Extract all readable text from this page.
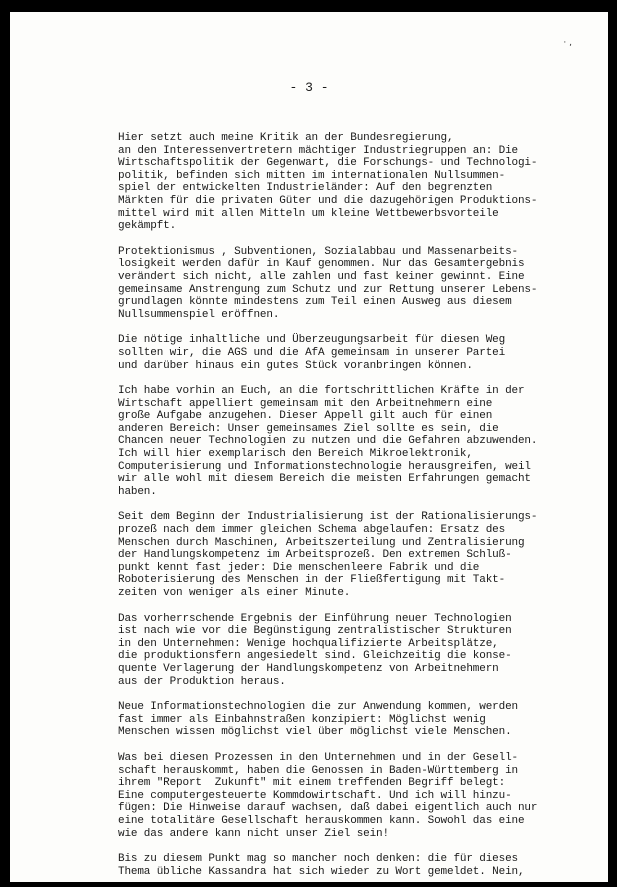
· ,
- 3 -
Hier setzt auch meine Kritik an der Bundesregierung,
an den Interessenvertretern mächtiger Industriegruppen an: Die
Wirtschaftspolitik der Gegenwart, die Forschungs- und Technologi-
politik, befinden sich mitten im internationalen Nullsummen-
spiel der entwickelten Industrieländer: Auf den begrenzten
Märkten für die privaten Güter und die dazugehörigen Produktions-
mittel wird mit allen Mitteln um kleine Wettbewerbsvorteile
gekämpft.
Protektionismus , Subventionen, Sozialabbau und Massenarbeits-
losigkeit werden dafür in Kauf genommen. Nur das Gesamtergebnis
verändert sich nicht, alle zahlen und fast keiner gewinnt. Eine
gemeinsame Anstrengung zum Schutz und zur Rettung unserer Lebens-
grundlagen könnte mindestens zum Teil einen Ausweg aus diesem
Nullsummenspiel eröffnen.
Die nötige inhaltliche und Überzeugungsarbeit für diesen Weg
sollten wir, die AGS und die AfA gemeinsam in unserer Partei
und darüber hinaus ein gutes Stück voranbringen können.
Ich habe vorhin an Euch, an die fortschrittlichen Kräfte in der
Wirtschaft appelliert gemeinsam mit den Arbeitnehmern eine
große Aufgabe anzugehen. Dieser Appell gilt auch für einen
anderen Bereich: Unser gemeinsames Ziel sollte es sein, die
Chancen neuer Technologien zu nutzen und die Gefahren abzuwenden.
Ich will hier exemplarisch den Bereich Mikroelektronik,
Computerisierung und Informationstechnologie herausgreifen, weil
wir alle wohl mit diesem Bereich die meisten Erfahrungen gemacht
haben.
Seit dem Beginn der Industrialisierung ist der Rationalisierungs-
prozeß nach dem immer gleichen Schema abgelaufen: Ersatz des
Menschen durch Maschinen, Arbeitszerteilung und Zentralisierung
der Handlungskompetenz im Arbeitsprozeß. Den extremen Schluß-
punkt kennt fast jeder: Die menschenleere Fabrik und die
Roboterisierung des Menschen in der Fließfertigung mit Takt-
zeiten von weniger als einer Minute.
Das vorherrschende Ergebnis der Einführung neuer Technologien
ist nach wie vor die Begünstigung zentralistischer Strukturen
in den Unternehmen: Wenige hochqualifizierte Arbeitsplätze,
die produktionsfern angesiedelt sind. Gleichzeitig die konse-
quente Verlagerung der Handlungskompetenz von Arbeitnehmern
aus der Produktion heraus.
Neue Informationstechnologien die zur Anwendung kommen, werden
fast immer als Einbahnstraßen konzipiert: Möglichst wenig
Menschen wissen möglichst viel über möglichst viele Menschen.
Was bei diesen Prozessen in den Unternehmen und in der Gesell-
schaft herauskommt, haben die Genossen in Baden-Württemberg in
ihrem "Report  Zukunft" mit einem treffenden Begriff belegt:
Eine computergesteuerte Kommdowirtschaft. Und ich will hinzu-
fügen: Die Hinweise darauf wachsen, daß dabei eigentlich auch nur
eine totalitäre Gesellschaft herauskommen kann. Sowohl das eine
wie das andere kann nicht unser Ziel sein!
Bis zu diesem Punkt mag so mancher noch denken: die für dieses
Thema übliche Kassandra hat sich wieder zu Wort gemeldet. Nein,
